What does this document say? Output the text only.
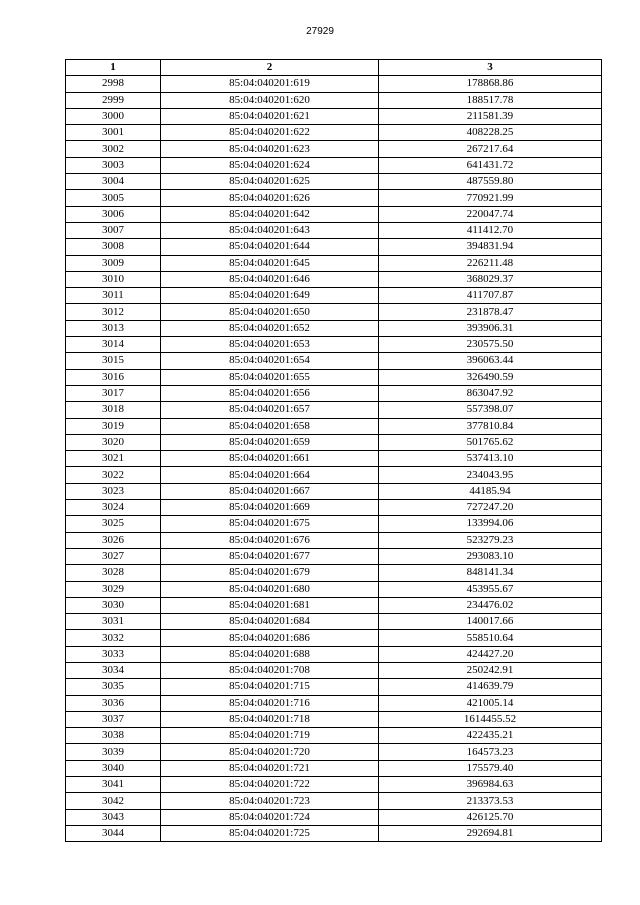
27929
1	2	3
2998	85:04:040201:619	178868.86
2999	85:04:040201:620	188517.78
3000	85:04:040201:621	211581.39
3001	85:04:040201:622	408228.25
3002	85:04:040201:623	267217.64
3003	85:04:040201:624	641431.72
3004	85:04:040201:625	487559.80
3005	85:04:040201:626	770921.99
3006	85:04:040201:642	220047.74
3007	85:04:040201:643	411412.70
3008	85:04:040201:644	394831.94
3009	85:04:040201:645	226211.48
3010	85:04:040201:646	368029.37
3011	85:04:040201:649	411707.87
3012	85:04:040201:650	231878.47
3013	85:04:040201:652	393906.31
3014	85:04:040201:653	230575.50
3015	85:04:040201:654	396063.44
3016	85:04:040201:655	326490.59
3017	85:04:040201:656	863047.92
3018	85:04:040201:657	557398.07
3019	85:04:040201:658	377810.84
3020	85:04:040201:659	501765.62
3021	85:04:040201:661	537413.10
3022	85:04:040201:664	234043.95
3023	85:04:040201:667	44185.94
3024	85:04:040201:669	727247.20
3025	85:04:040201:675	133994.06
3026	85:04:040201:676	523279.23
3027	85:04:040201:677	293083.10
3028	85:04:040201:679	848141.34
3029	85:04:040201:680	453955.67
3030	85:04:040201:681	234476.02
3031	85:04:040201:684	140017.66
3032	85:04:040201:686	558510.64
3033	85:04:040201:688	424427.20
3034	85:04:040201:708	250242.91
3035	85:04:040201:715	414639.79
3036	85:04:040201:716	421005.14
3037	85:04:040201:718	1614455.52
3038	85:04:040201:719	422435.21
3039	85:04:040201:720	164573.23
3040	85:04:040201:721	175579.40
3041	85:04:040201:722	396984.63
3042	85:04:040201:723	213373.53
3043	85:04:040201:724	426125.70
3044	85:04:040201:725	292694.81
